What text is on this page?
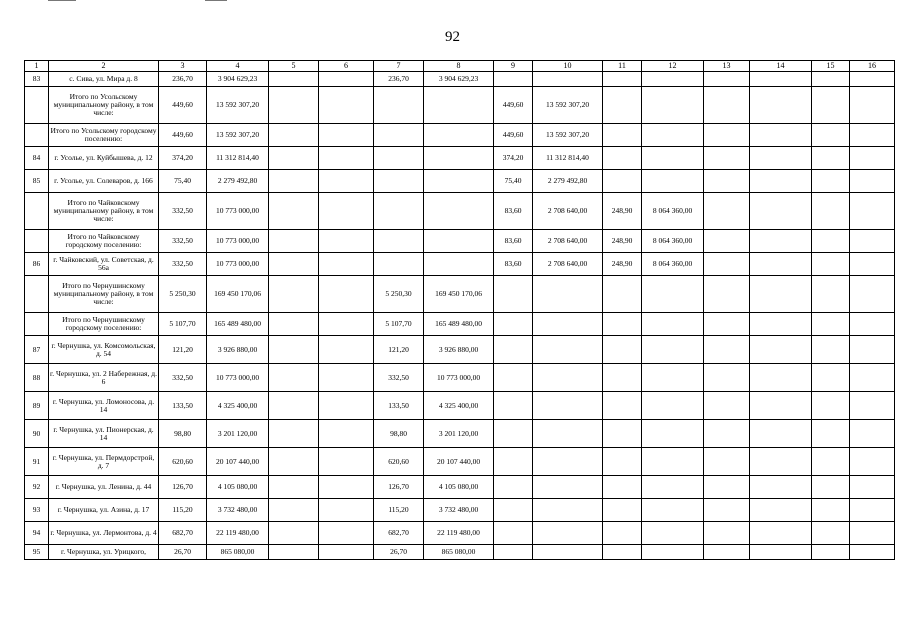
92
1	2	3	4	5	6	7	8	9	10	11	12	13	14	15	16
83	с. Сива, ул. Мира д. 8	236,70	3 904 629,23			236,70	3 904 629,23								
	Итого по Усольскому муниципальному району, в том числе:	449,60	13 592 307,20					449,60	13 592 307,20						
	Итого по Усольскому городскому поселению:	449,60	13 592 307,20					449,60	13 592 307,20						
84	г. Усолье, ул. Куйбышева, д. 12	374,20	11 312 814,40					374,20	11 312 814,40						
85	г. Усолье, ул. Солеваров, д. 166	75,40	2 279 492,80					75,40	2 279 492,80						
	Итого по Чайковскому муниципальному району, в том числе:	332,50	10 773 000,00					83,60	2 708 640,00	248,90	8 064 360,00				
	Итого по Чайковскому городскому поселению:	332,50	10 773 000,00					83,60	2 708 640,00	248,90	8 064 360,00				
86	г. Чайковский, ул. Советская, д. 56а	332,50	10 773 000,00					83,60	2 708 640,00	248,90	8 064 360,00				
	Итого по Чернушинскому муниципальному району, в том числе:	5 250,30	169 450 170,06			5 250,30	169 450 170,06								
	Итого по Чернушинскому городскому поселению:	5 107,70	165 489 480,00			5 107,70	165 489 480,00								
87	г. Чернушка, ул. Комсомольская, д. 54	121,20	3 926 880,00			121,20	3 926 880,00								
88	г. Чернушка, ул. 2 Набережная, д. 6	332,50	10 773 000,00			332,50	10 773 000,00								
89	г. Чернушка, ул. Ломоносова, д. 14	133,50	4 325 400,00			133,50	4 325 400,00								
90	г. Чернушка, ул. Пионерская, д. 14	98,80	3 201 120,00			98,80	3 201 120,00								
91	г. Чернушка, ул. Пермдорстрой, д. 7	620,60	20 107 440,00			620,60	20 107 440,00								
92	г. Чернушка, ул. Ленина, д. 44	126,70	4 105 080,00			126,70	4 105 080,00								
93	г. Чернушка, ул. Азина, д. 17	115,20	3 732 480,00			115,20	3 732 480,00								
94	г. Чернушка, ул. Лермонтова, д. 4	682,70	22 119 480,00			682,70	22 119 480,00								
95	г. Чернушка, ул. Урицкого,	26,70	865 080,00			26,70	865 080,00								
